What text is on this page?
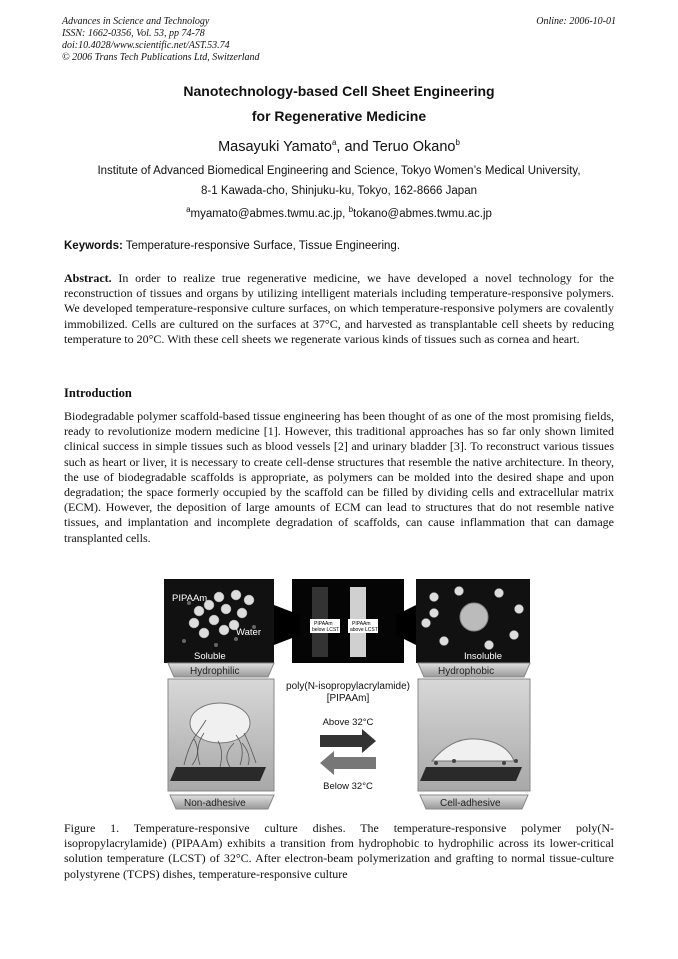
Advances in Science and Technology
ISSN: 1662-0356, Vol. 53, pp 74-78
doi:10.4028/www.scientific.net/AST.53.74
© 2006 Trans Tech Publications Ltd, Switzerland
Online: 2006-10-01
Nanotechnology-based Cell Sheet Engineering
for Regenerative Medicine
Masayuki Yamato$^a$, and Teruo Okano$^b$
Institute of Advanced Biomedical Engineering and Science, Tokyo Women’s Medical University,
8-1 Kawada-cho, Shinjuku-ku, Tokyo, 162-8666 Japan
$^a$myamato@abmes.twmu.ac.jp, $^b$tokano@abmes.twmu.ac.jp
Keywords: Temperature-responsive Surface, Tissue Engineering.
Abstract. In order to realize true regenerative medicine, we have developed a novel technology for the reconstruction of tissues and organs by utilizing intelligent materials including temperature-responsive polymers. We developed temperature-responsive culture surfaces, on which temperature-responsive polymers are covalently immobilized. Cells are cultured on the surfaces at 37°C, and harvested as transplantable cell sheets by reducing temperature to 20°C. With these cell sheets we regenerate various kinds of tissues such as cornea and heart.
Introduction
Biodegradable polymer scaffold-based tissue engineering has been thought of as one of the most promising fields, ready to revolutionize modern medicine [1]. However, this traditional approaches has so far only shown limited clinical success in simple tissues such as blood vessels [2] and urinary bladder [3]. To reconstruct various tissues such as heart or liver, it is necessary to create cell-dense structures that resemble the native architecture. In theory, the use of biodegradable scaffolds is appropriate, as polymers can be molded into the desired shape and upon degradation; the space formerly occupied by the scaffold can be filled by dividing cells and extracellular matrix (ECM). However, the deposition of large amounts of ECM can lead to structures that do not resemble native tissues, and implantation and incomplete degradation of scaffolds, can cause inflammation that can damage transplanted cells.
PIPAAm
Water
Soluble	Insoluble
PIPAAm
below LCST
PIPAAm
above LCST
Hydrophilic	Hydrophobic
poly(N-isopropylacrylamide)
[PIPAAm]
Non-adhesive	Cell-adhesive
Above 32°C
Below 32°C
Figure 1. Temperature-responsive culture dishes. The temperature-responsive polymer poly(N-isopropylacrylamide) (PIPAAm) exhibits a transition from hydrophobic to hydrophilic across its lower-critical solution temperature (LCST) of 32°C. After electron-beam polymerization and grafting to normal tissue-culture polystyrene (TCPS) dishes, temperature-responsive culture
